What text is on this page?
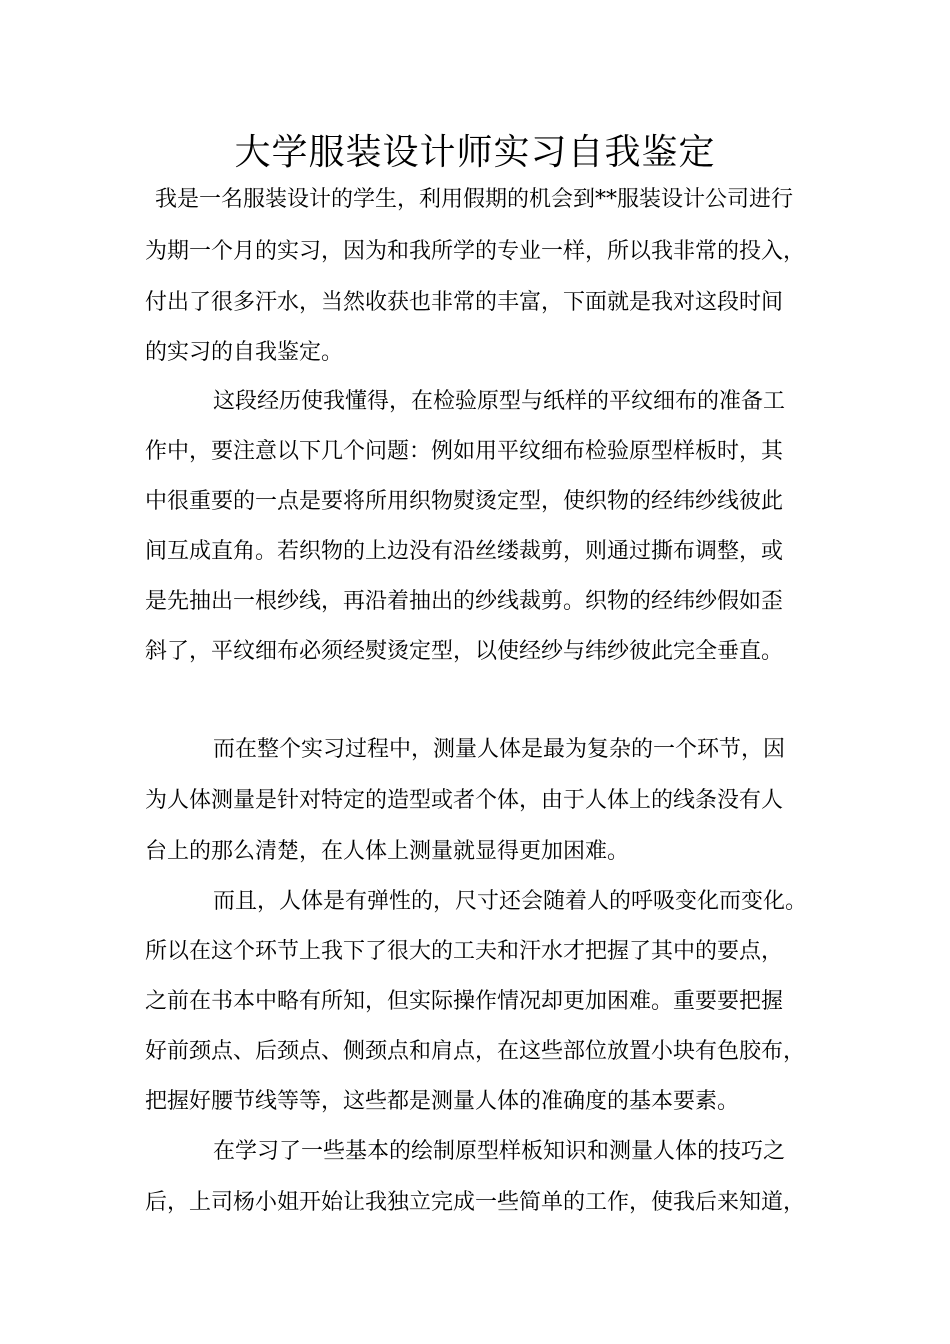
大学服装设计师实习自我鉴定

我是一名服装设计的学生，利用假期的机会到**服装设计公司进行

为期一个月的实习，因为和我所学的专业一样，所以我非常的投入，

付出了很多汗水，当然收获也非常的丰富，下面就是我对这段时间

的实习的自我鉴定。

这段经历使我懂得，在检验原型与纸样的平纹细布的准备工

作中，要注意以下几个问题：例如用平纹细布检验原型样板时，其

中很重要的一点是要将所用织物熨烫定型，使织物的经纬纱线彼此

间互成直角。若织物的上边没有沿丝缕裁剪，则通过撕布调整，或

是先抽出一根纱线，再沿着抽出的纱线裁剪。织物的经纬纱假如歪

斜了，平纹细布必须经熨烫定型，以使经纱与纬纱彼此完全垂直。

而在整个实习过程中，测量人体是最为复杂的一个环节，因

为人体测量是针对特定的造型或者个体，由于人体上的线条没有人

台上的那么清楚，在人体上测量就显得更加困难。

而且，人体是有弹性的，尺寸还会随着人的呼吸变化而变化。

所以在这个环节上我下了很大的工夫和汗水才把握了其中的要点，

之前在书本中略有所知，但实际操作情况却更加困难。重要要把握

好前颈点、后颈点、侧颈点和肩点，在这些部位放置小块有色胶布，

把握好腰节线等等，这些都是测量人体的准确度的基本要素。

在学习了一些基本的绘制原型样板知识和测量人体的技巧之

后，上司杨小姐开始让我独立完成一些简单的工作，使我后来知道，
